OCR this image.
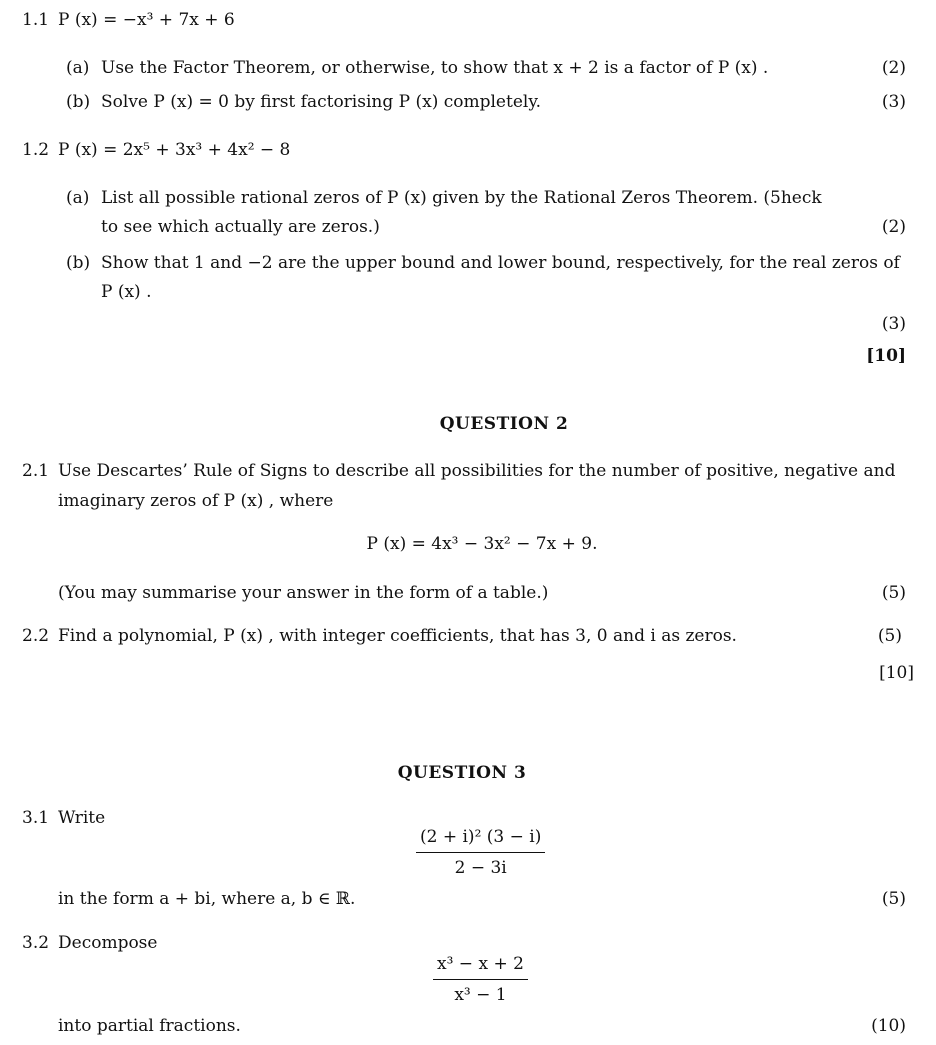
1.1 P (x) = −x³ + 7x + 6
(a) Use the Factor Theorem, or otherwise, to show that x + 2 is a factor of P (x) .	(2)
(b) Solve P (x) = 0 by first factorising P (x) completely.	(3)
1.2 P (x) = 2x⁵ + 3x³ + 4x² − 8
(a) List all possible rational zeros of P (x) given by the Rational Zeros Theorem. (5heck
to see which actually are zeros.)	(2)
(b) Show that 1 and −2 are the upper bound and lower bound, respectively, for the real zeros of
P (x) .
(3)
[10]
QUESTION 2
2.1 Use Descartes’ Rule of Signs to describe all possibilities for the number of positive, negative and
imaginary zeros of P (x) , where
P (x) = 4x³ − 3x² − 7x + 9.
(You may summarise your answer in the form of a table.)	(5)
2.2 Find a polynomial, P (x) , with integer coefficients, that has 3, 0 and i as zeros.	(5)
[10]
QUESTION 3
3.1 Write
$\frac{\text{(2 + i)² (3 − i)}}{2 - 3i}$
in the form a + bi, where a, b ∈ ℝ.	(5)
3.2 Decompose
$\frac{\text{x³ − x + 2}}{\text{x³ − 1}}$
into partial fractions.	(10)
